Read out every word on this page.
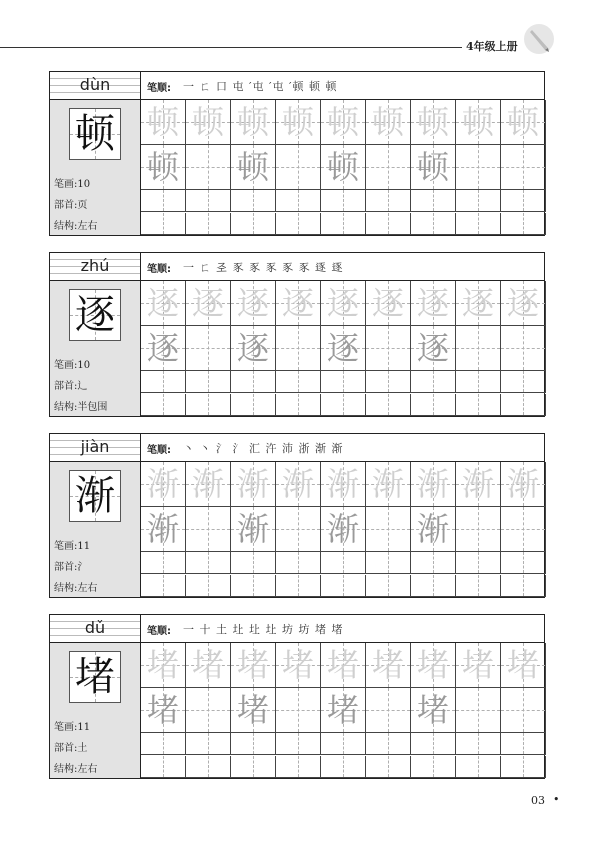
4年级上册
dùn
顿
笔画:10
部首:页
结构:左右
笔顺: 一 ㄈ 口 屯 ′屯 ′屯 ′顿 顿 顿
顿 顿 顿 顿 顿 顿 顿 顿 顿
顿 顿 顿 顿
zhú
逐
笔画:10
部首:辶
结构:半包围
笔顺: 一 ㄈ 𢀖 豕 豕 豕 豕 豕 逐 逐
逐 逐 逐 逐 逐 逐 逐 逐 逐
逐 逐 逐 逐
jiàn
渐
笔画:11
部首:氵
结构:左右
笔顺: 丶 丶 氵 氵 汇 汻 沛 浙 渐 渐
渐 渐 渐 渐 渐 渐 渐 渐 渐
渐 渐 渐 渐
dǔ
堵
笔画:11
部首:土
结构:左右
笔顺: 一 十 土 圵 圵 圵 坊 坊 堵 堵
堵 堵 堵 堵 堵 堵 堵 堵 堵
堵 堵 堵 堵
03 •
